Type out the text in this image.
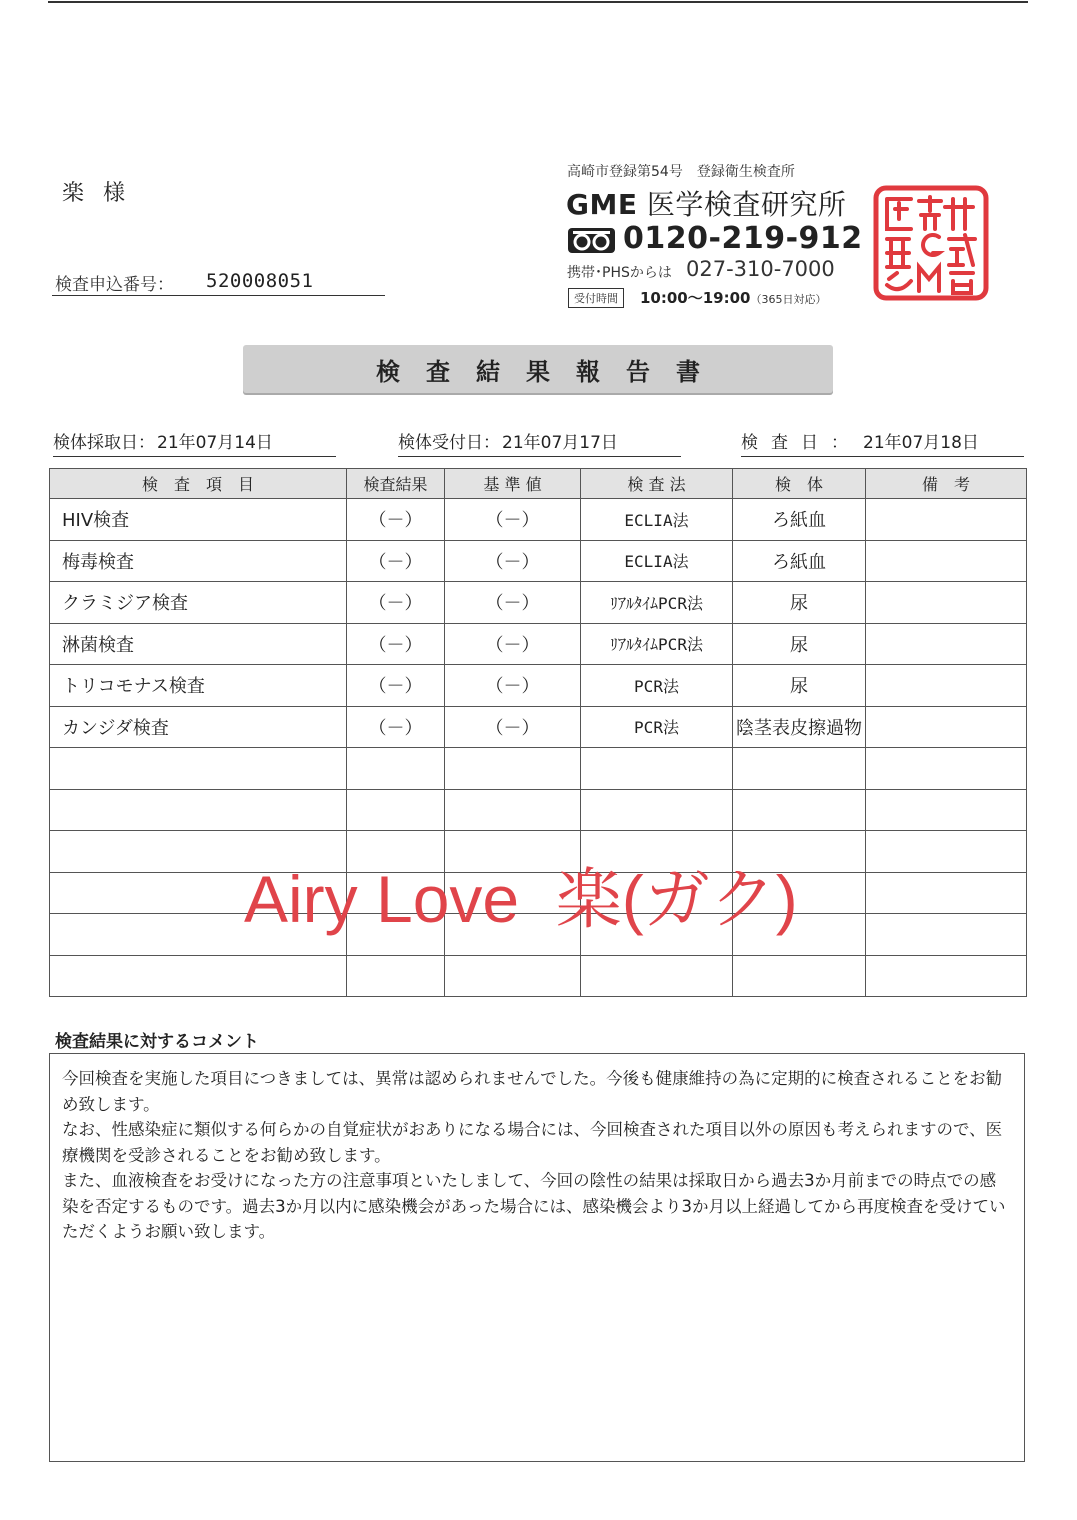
楽 様
検査申込番号： 520008051
高崎市登録第54号　登録衛生検査所
GME 医学検査研究所
0120-219-912
携帯･PHSからは 027-310-7000
受付時間	10:00〜19:00（365日対応）
検査結果報告書
検体採取日： 21年07月14日	検体受付日： 21年07月17日	検査日： 21年07月18日
検　査　項　目	検査結果	基 準 値	検 査 法	検　体	備　考
HIV検査	（－）	（－）	ECLIA法	ろ紙血	
梅毒検査	（－）	（－）	ECLIA法	ろ紙血	
クラミジア検査	（－）	（－）	ﾘｱﾙﾀｲﾑPCR法	尿	
淋菌検査	（－）	（－）	ﾘｱﾙﾀｲﾑPCR法	尿	
トリコモナス検査	（－）	（－）	PCR法	尿	
カンジダ検査	（－）	（－）	PCR法	陰茎表皮擦過物	

Airy Love  楽(ガク)
検査結果に対するコメント

今回検査を実施した項目につきましては、異常は認められませんでした。今後も健康維持の為に定期的に検査されることをお勧め致します。

なお、性感染症に類似する何らかの自覚症状がおありになる場合には、今回検査された項目以外の原因も考えられますので、医療機関を受診されることをお勧め致します。

また、血液検査をお受けになった方の注意事項といたしまして、今回の陰性の結果は採取日から過去3か月前までの時点での感染を否定するものです。過去3か月以内に感染機会があった場合には、感染機会より3か月以上経過してから再度検査を受けていただくようお願い致します。
